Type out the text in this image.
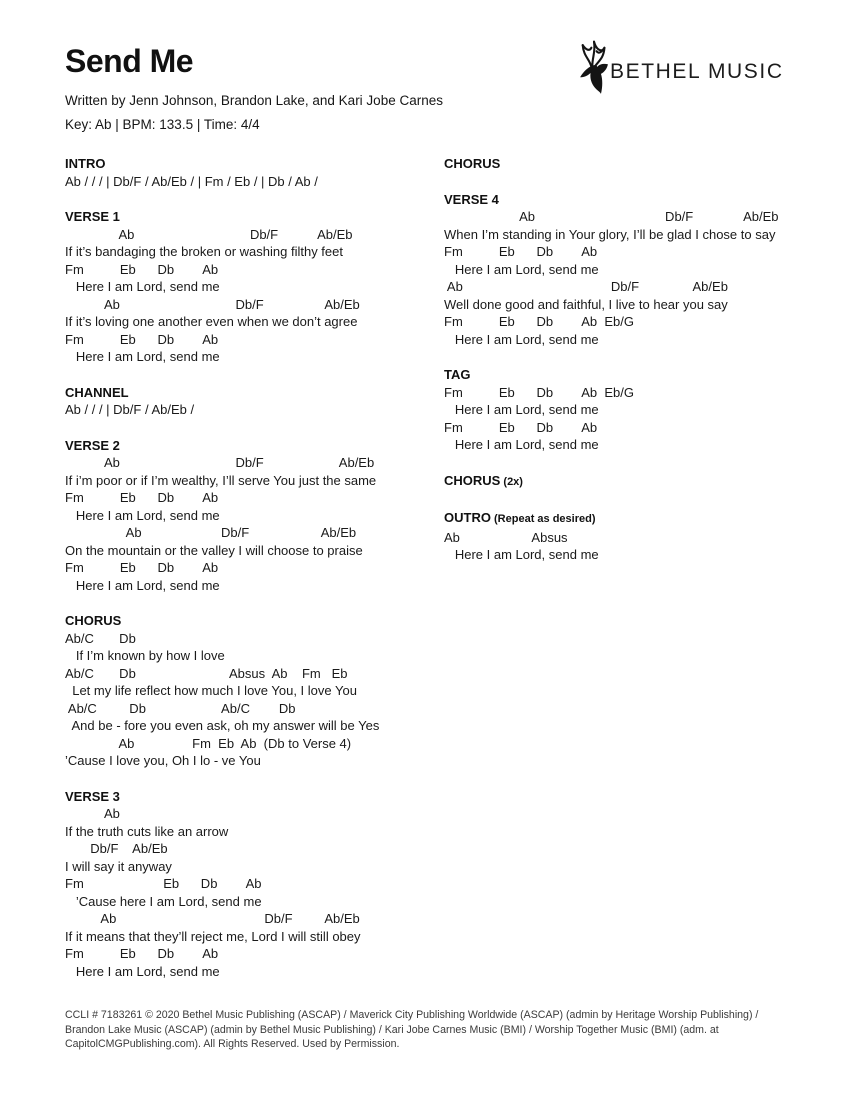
Send Me

Written by Jenn Johnson, Brandon Lake, and Kari Jobe Carnes

Key: Ab | BPM: 133.5 | Time: 4/4

BETHEL MUSIC
INTRO
Ab / / / | Db/F / Ab/Eb / | Fm / Eb / | Db / Ab /
VERSE 1
Ab                                Db/F           Ab/Eb
If it’s bandaging the broken or washing filthy feet
Fm          Eb      Db        Ab
Here I am Lord, send me
Ab                                Db/F                 Ab/Eb
If it’s loving one another even when we don’t agree
Fm          Eb      Db        Ab
Here I am Lord, send me
CHANNEL
Ab / / / | Db/F / Ab/Eb /
VERSE 2
Ab                                Db/F                     Ab/Eb
If i’m poor or if I’m wealthy, I’ll serve You just the same
Fm          Eb      Db        Ab
Here I am Lord, send me
Ab                      Db/F                    Ab/Eb
On the mountain or the valley I will choose to praise
Fm          Eb      Db        Ab
Here I am Lord, send me
CHORUS
Ab/C       Db
If I’m known by how I love
Ab/C       Db                          Absus  Ab    Fm   Eb
Let my life reflect how much I love You, I love You
Ab/C         Db                     Ab/C        Db
And be - fore you even ask, oh my answer will be Yes
Ab                Fm  Eb  Ab  (Db to Verse 4)
’Cause I love you, Oh I lo - ve You
VERSE 3
Ab
If the truth cuts like an arrow
Db/F    Ab/Eb
I will say it anyway
Fm                      Eb      Db        Ab
’Cause here I am Lord, send me
Ab                                         Db/F         Ab/Eb
If it means that they’ll reject me, Lord I will still obey
Fm          Eb      Db        Ab
Here I am Lord, send me
CHORUS
VERSE 4
Ab                                    Db/F              Ab/Eb
When I’m standing in Your glory, I’ll be glad I chose to say
Fm          Eb      Db        Ab
Here I am Lord, send me
Ab                                         Db/F               Ab/Eb
Well done good and faithful, I live to hear you say
Fm          Eb      Db        Ab  Eb/G
Here I am Lord, send me
TAG
Fm          Eb      Db        Ab  Eb/G
Here I am Lord, send me
Fm          Eb      Db        Ab
Here I am Lord, send me
CHORUS (2x)
OUTRO (Repeat as desired)
Ab                    Absus
Here I am Lord, send me
CCLI # 7183261 © 2020 Bethel Music Publishing (ASCAP) / Maverick City Publishing Worldwide (ASCAP) (admin by Heritage Worship Publishing) / Brandon Lake Music (ASCAP) (admin by Bethel Music Publishing) / Kari Jobe Carnes Music (BMI) / Worship Together Music (BMI) (adm. at CapitolCMGPublishing.com). All Rights Reserved. Used by Permission.
